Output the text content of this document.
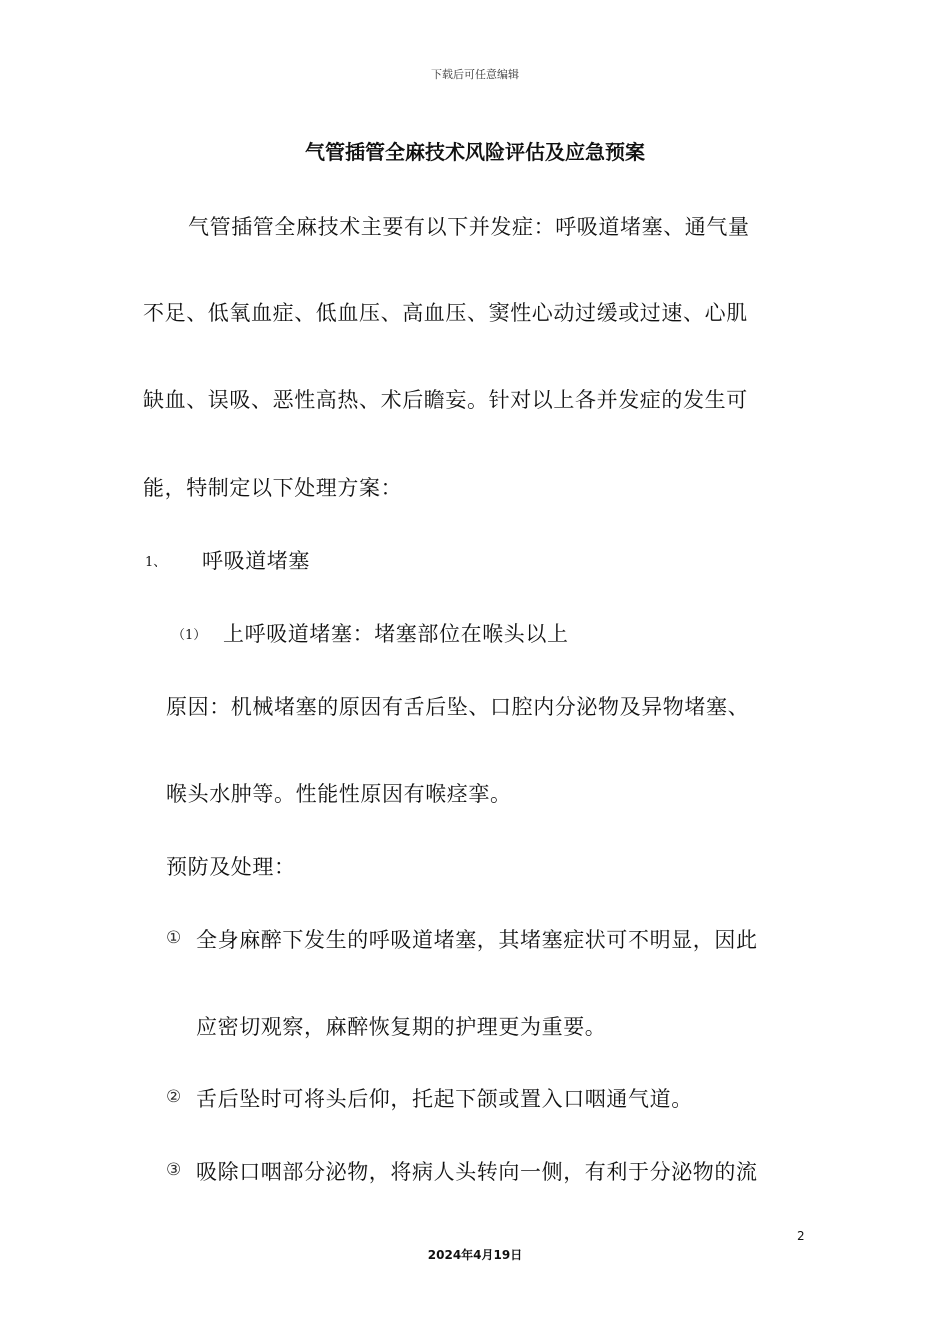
下载后可任意编辑
气管插管全麻技术风险评估及应急预案
气管插管全麻技术主要有以下并发症：呼吸道堵塞、通气量
不足、低氧血症、低血压、高血压、窦性心动过缓或过速、心肌
缺血、误吸、恶性高热、术后瞻妄。针对以上各并发症的发生可
能，特制定以下处理方案：
1、 呼吸道堵塞
（1） 上呼吸道堵塞：堵塞部位在喉头以上
原因：机械堵塞的原因有舌后坠、口腔内分泌物及异物堵塞、
喉头水肿等。性能性原因有喉痉挛。
预防及处理：
① 全身麻醉下发生的呼吸道堵塞，其堵塞症状可不明显，因此
应密切观察，麻醉恢复期的护理更为重要。
② 舌后坠时可将头后仰，托起下颌或置入口咽通气道。
③ 吸除口咽部分泌物，将病人头转向一侧，有利于分泌物的流
2
2024年4月19日
